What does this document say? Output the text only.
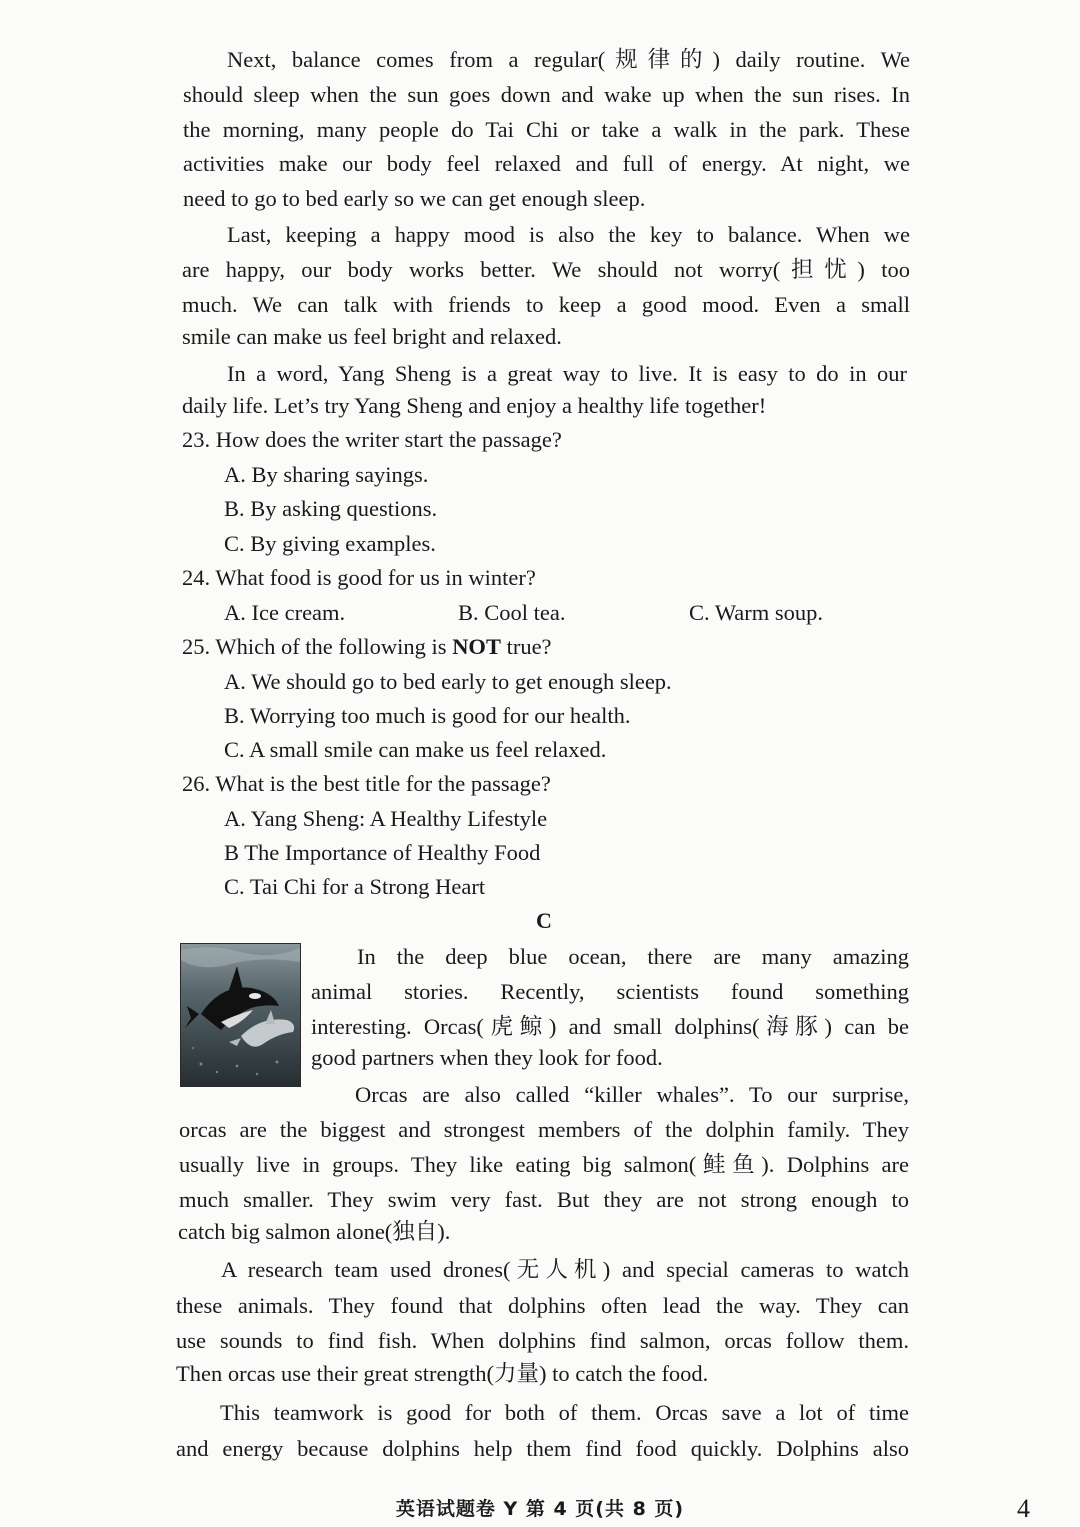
Next, balance comes from a regular(规律的) daily routine. We
should sleep when the sun goes down and wake up when the sun rises. In
the morning, many people do Tai Chi or take a walk in the park. These
activities make our body feel relaxed and full of energy. At night, we
need to go to bed early so we can get enough sleep.
Last, keeping a happy mood is also the key to balance. When we
are happy, our body works better. We should not worry(担忧) too
much. We can talk with friends to keep a good mood. Even a small
smile can make us feel bright and relaxed.
In a word, Yang Sheng is a great way to live. It is easy to do in our
daily life. Let’s try Yang Sheng and enjoy a healthy life together!
23. How does the writer start the passage?
A. By sharing sayings.
B. By asking questions.
C. By giving examples.
24. What food is good for us in winter?
A. Ice cream.	B. Cool tea.	C. Warm soup.
25. Which of the following is NOT true?
A. We should go to bed early to get enough sleep.
B. Worrying too much is good for our health.
C. A small smile can make us feel relaxed.
26. What is the best title for the passage?
A. Yang Sheng: A Healthy Lifestyle
B The Importance of Healthy Food
C. Tai Chi for a Strong Heart
C
In the deep blue ocean, there are many amazing
animal stories. Recently, scientists found something
interesting. Orcas(虎鲸) and small dolphins(海豚) can be
good partners when they look for food.
Orcas are also called “killer whales”. To our surprise,
orcas are the biggest and strongest members of the dolphin family. They
usually live in groups. They like eating big salmon(鲑鱼). Dolphins are
much smaller. They swim very fast. But they are not strong enough to
catch big salmon alone(独自).
A research team used drones(无人机) and special cameras to watch
these animals. They found that dolphins often lead the way. They can
use sounds to find fish. When dolphins find salmon, orcas follow them.
Then orcas use their great strength(力量) to catch the food.
This teamwork is good for both of them. Orcas save a lot of time
and energy because dolphins help them find food quickly. Dolphins also
英语试题卷 Y 第 4 页(共 8 页)	4
